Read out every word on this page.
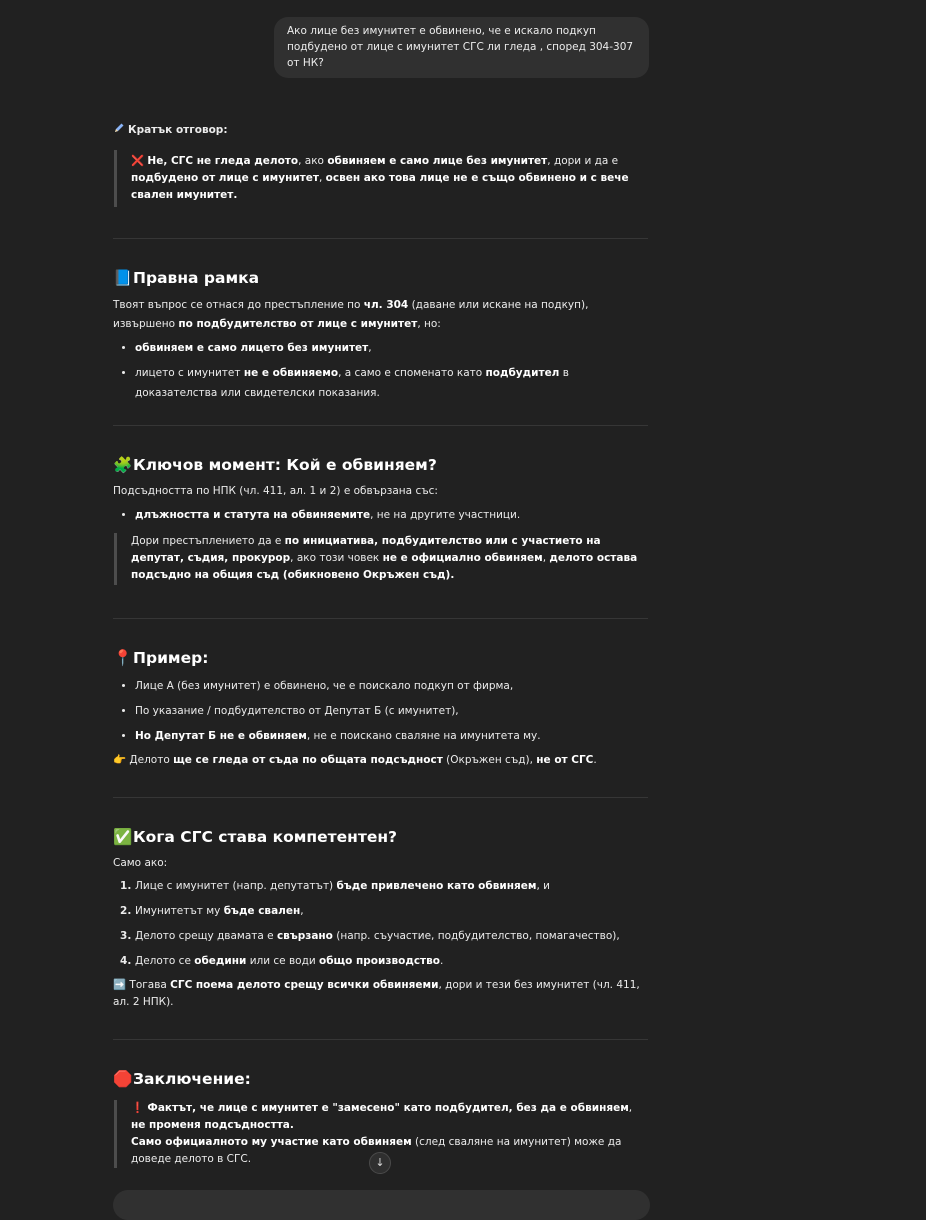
Ако лице без имунитет е обвинено, че е искало подкуп подбудено от лице с имунитет СГС ли гледа , според 304-307 от НК?
Кратък отговор:
❌ Не, СГС не гледа делото, ако обвиняем е само лице без имунитет, дори и да е подбудено от лице с имунитет, освен ако това лице не е също обвинено и с вече свален имунитет.
📘Правна рамка

Твоят въпрос се отнася до престъпление по чл. 304 (даване или искане на подкуп), извършено по подбудителство от лице с имунитет, но:

• обвиняем е само лицето без имунитет,
• лицето с имунитет не е обвиняемо, а само е споменато като подбудител в доказателства или свидетелски показания.
🧩Ключов момент: Кой е обвиняем?

Подсъдността по НПК (чл. 411, ал. 1 и 2) е обвързана със:

• длъжността и статута на обвиняемите, не на другите участници.
Дори престъплението да е по инициатива, подбудителство или с участието на депутат, съдия, прокурор, ако този човек не е официално обвиняем, делото остава подсъдно на общия съд (обикновено Окръжен съд).
📍Пример:
• Лице А (без имунитет) е обвинено, че е поискало подкуп от фирма,
• По указание / подбудителство от Депутат Б (с имунитет),
• Но Депутат Б не е обвиняем, не е поискано сваляне на имунитета му.

👉 Делото ще се гледа от съда по общата подсъдност (Окръжен съд), не от СГС.

✅Кога СГС става компетентен?

Само ако:

1. Лице с имунитет (напр. депутатът) бъде привлечено като обвиняем, и
2. Имунитетът му бъде свален,
3. Делото срещу двамата е свързано (напр. съучастие, подбудителство, помагачество),
4. Делото се обедини или се води общо производство.

➡️ Тогава СГС поема делото срещу всички обвиняеми, дори и тези без имунитет (чл. 411, ал. 2 НПК).

🛑Заключение:
❗ Фактът, че лице с имунитет е "замесено" като подбудител, без да е обвиняем, не променя подсъдността.
Само официалното му участие като обвиняем (след сваляне на имунитет) може да доведе делото в СГС.	↓
